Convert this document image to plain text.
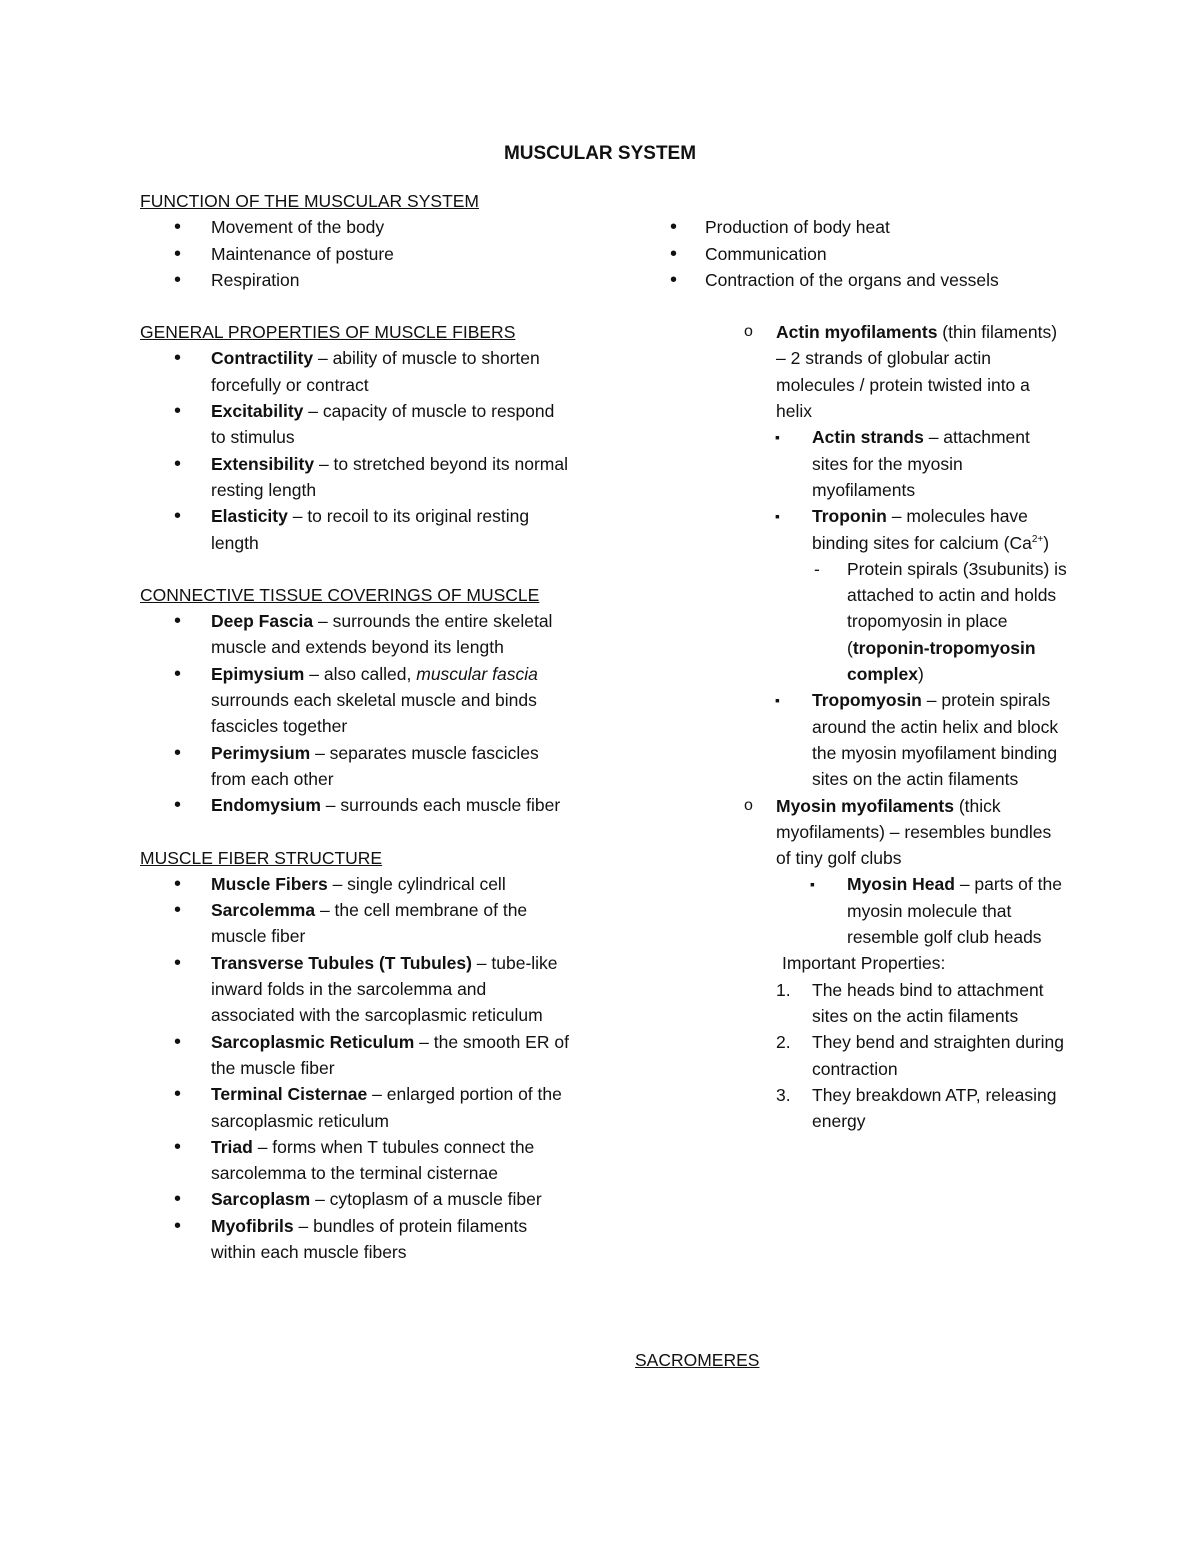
MUSCULAR SYSTEM

FUNCTION OF THE MUSCULAR SYSTEM

• Movement of the body
• Maintenance of posture
• Respiration

GENERAL PROPERTIES OF MUSCLE FIBERS

• Contractility – ability of muscle to shorten forcefully or contract
• Excitability – capacity of muscle to respond to stimulus
• Extensibility – to stretched beyond its normal resting length
• Elasticity – to recoil to its original resting length

CONNECTIVE TISSUE COVERINGS OF MUSCLE

• Deep Fascia – surrounds the entire skeletal muscle and extends beyond its length
• Epimysium – also called, muscular fascia surrounds each skeletal muscle and binds fascicles together
• Perimysium – separates muscle fascicles from each other
• Endomysium – surrounds each muscle fiber

MUSCLE FIBER STRUCTURE

• Muscle Fibers – single cylindrical cell
• Sarcolemma – the cell membrane of the muscle fiber
• Transverse Tubules (T Tubules) – tube-like inward folds in the sarcolemma and associated with the sarcoplasmic reticulum
• Sarcoplasmic Reticulum – the smooth ER of the muscle fiber
• Terminal Cisternae – enlarged portion of the sarcoplasmic reticulum
• Triad – forms when T tubules connect the sarcolemma to the terminal cisternae
• Sarcoplasm – cytoplasm of a muscle fiber
• Myofibrils – bundles of protein filaments within each muscle fibers
• Production of body heat
• Communication
• Contraction of the organs and vessels
o Actin myofilaments (thin filaments) – 2 strands of globular actin molecules / protein twisted into a helix
▪ Actin strands – attachment sites for the myosin myofilaments
▪ Troponin – molecules have binding sites for calcium $(Ca^{2+})$
- Protein spirals (3subunits) is attached to actin and holds tropomyosin in place (troponin-tropomyosin complex)
▪ Tropomyosin – protein spirals around the actin helix and block the myosin myofilament binding sites on the actin filaments
o Myosin myofilaments (thick myofilaments) – resembles bundles of tiny golf clubs
▪ Myosin Head – parts of the myosin molecule that resemble golf club heads
Important Properties:
1. The heads bind to attachment sites on the actin filaments
2. They bend and straighten during contraction
3. They breakdown ATP, releasing energy
SACROMERES
